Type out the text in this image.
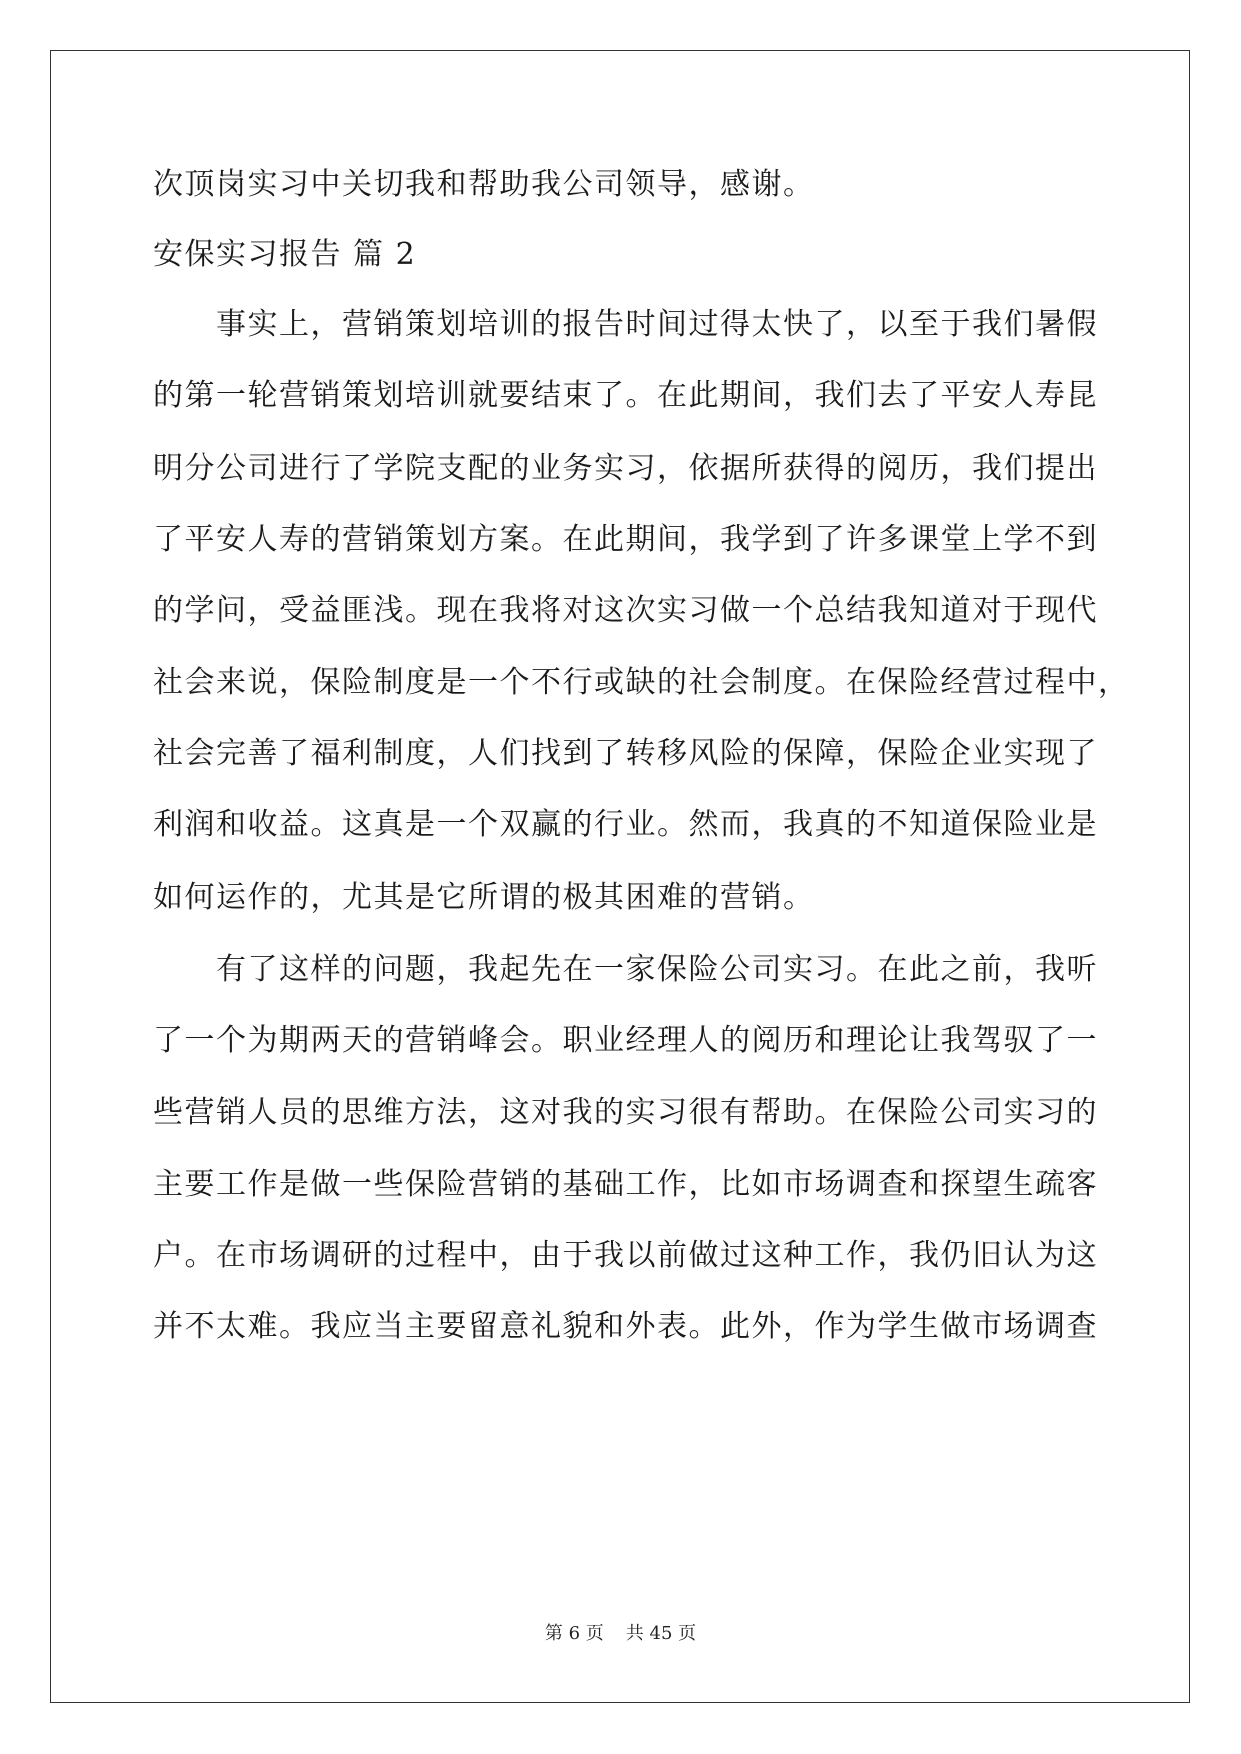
次顶岗实习中关切我和帮助我公司领导，感谢。
安保实习报告 篇 2
　　事实上，营销策划培训的报告时间过得太快了，以至于我们暑假
的第一轮营销策划培训就要结束了。在此期间，我们去了平安人寿昆
明分公司进行了学院支配的业务实习，依据所获得的阅历，我们提出
了平安人寿的营销策划方案。在此期间，我学到了许多课堂上学不到
的学问，受益匪浅。现在我将对这次实习做一个总结我知道对于现代
社会来说，保险制度是一个不行或缺的社会制度。在保险经营过程中，
社会完善了福利制度，人们找到了转移风险的保障，保险企业实现了
利润和收益。这真是一个双赢的行业。然而，我真的不知道保险业是
如何运作的，尤其是它所谓的极其困难的营销。
　　有了这样的问题，我起先在一家保险公司实习。在此之前，我听
了一个为期两天的营销峰会。职业经理人的阅历和理论让我驾驭了一
些营销人员的思维方法，这对我的实习很有帮助。在保险公司实习的
主要工作是做一些保险营销的基础工作，比如市场调查和探望生疏客
户。在市场调研的过程中，由于我以前做过这种工作，我仍旧认为这
并不太难。我应当主要留意礼貌和外表。此外，作为学生做市场调查
第 6 页 共 45 页
